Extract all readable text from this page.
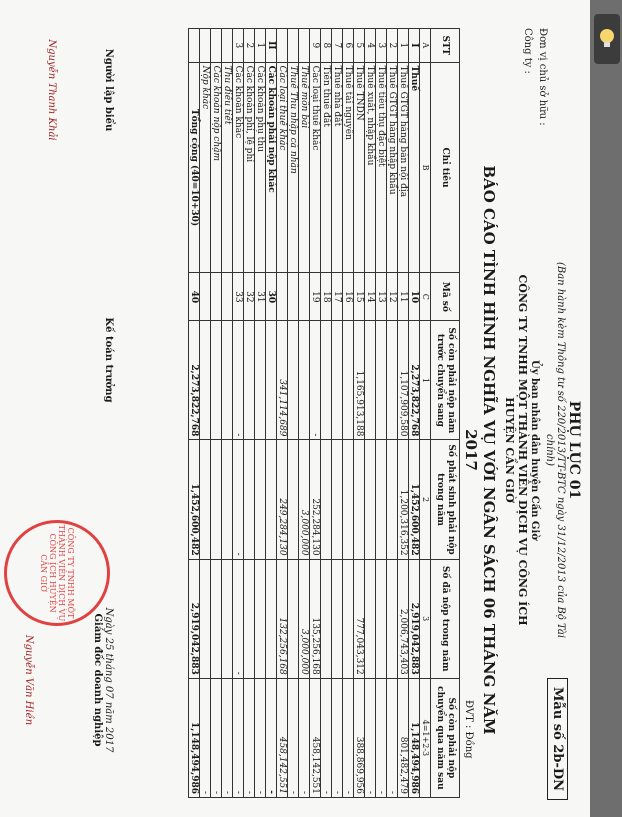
Mẫu số 2b-DN
Đơn vị chủ sở hữu :
Công ty :
PHỤ LỤC 01
(Ban hành kèm Thông tư số 220/2013/TT-BTC ngày 31/12/2013 của Bộ Tài chính)
Ủy ban nhân dân huyện Cần Giờ
CÔNG TY TNHH MỘT THÀNH VIÊN DỊCH VỤ CÔNG ÍCH HUYỆN CẦN GIỜ
BÁO CÁO TÌNH HÌNH NGHĨA VỤ VỚI NGÂN SÁCH 06 THÁNG NĂM 2017
ĐVT : Đồng
STT	Chỉ tiêu	Mã số	Số còn phải nộp năm trước chuyển sang	Số phát sinh phải nộp trong năm	Số đã nộp trong năm	Số còn phải nộp chuyển qua năm sau
A	B	C	1	2	3	4=1+2-3
I	Thuế	10	2,273,822,768	1,452,600,482	2,919,042,883	1,148,494,986
1	Thuế GTGT hàng bán nội địa	11	1,107,909,580	1,200,316,352	2,006,743,403	801,482,479
2	Thuế GTGT hàng nhập khẩu	12				-
3	Thuế tiêu thụ đặc biệt	13				-
4	Thuế xuất, nhập khẩu	14				-
5	Thuế TNDN	15	1,165,913,188		777,043,312	388,869,956
6	Thuế tài nguyên	16				-
7	Thuế nhà đất	17				-
8	Tiền thuê đất	18				-
9	Các loại thuế khác	19	-	252,284,130	135,256,168	458,142,551
	Thuế môn bài			3,000,000	3,000,000	-
	Thuế Thu nhập cá nhân					-
	Các loại thuế khác		341,114,689	249,284,130	132,256,168	458,142,551
II	Các khoản phải nộp khác	30				-
1	Các khoản phụ thu	31				-
2	Các khoản phí, lệ phí	32				-
3	Các khoản khác	33	-	-	-	-
	Thu điều tiết					-
	Các khoản nộp chậm					-
	Nộp khác					-
	Tổng cộng (40=10+30)	40	2,273,822,768	1,452,600,482	2,919,042,883	1,148,494,986
Người lập biểu
Nguyễn Thanh Khải
Kế toán trưởng
Ngày 25 tháng 07 năm 2017
Giám đốc doanh nghiệp
Nguyễn Văn Hiền
CÔNG TY TNHH MỘT THÀNH VIÊN DỊCH VỤ CÔNG ÍCH HUYỆN CẦN GIỜ
